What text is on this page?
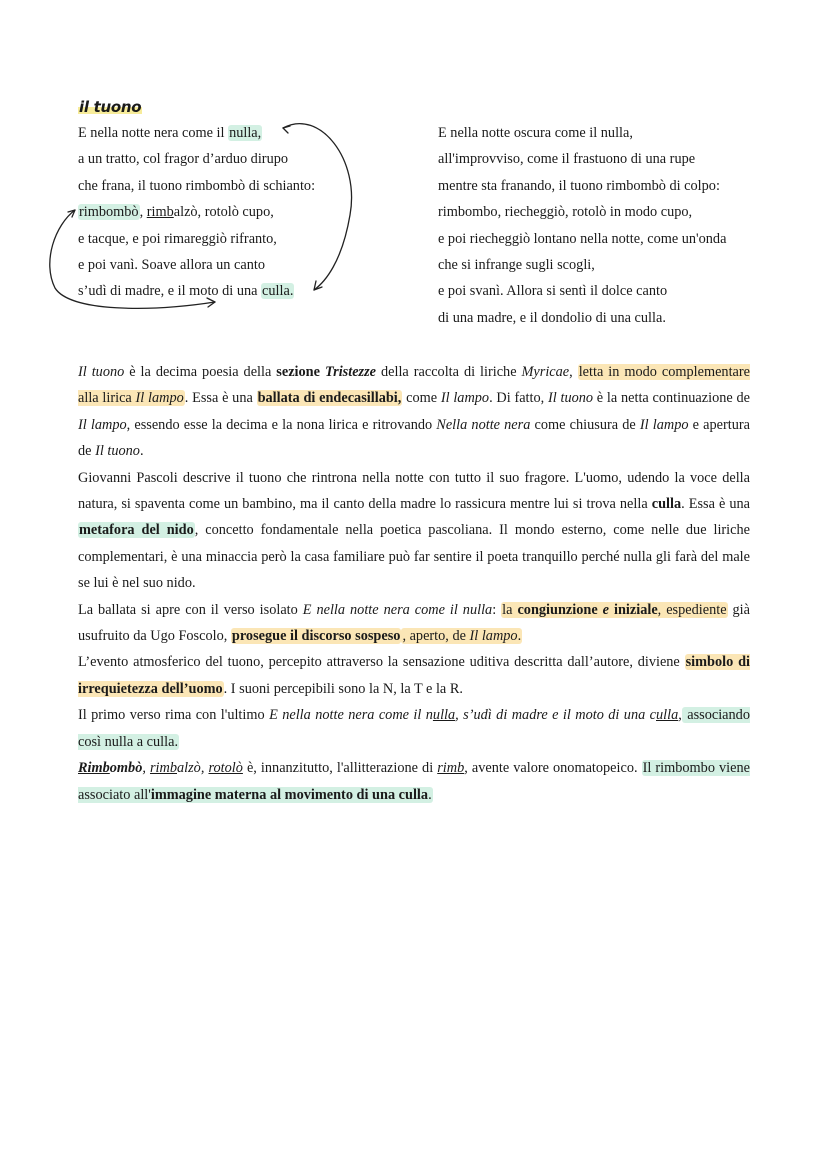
il tuono
E nella notte nera come il nulla,
a un tratto, col fragor d’arduo dirupo
che frana, il tuono rimbombò di schianto:
rimbombò, rimbalzò, rotolò cupo,
e tacque, e poi rimareggiò rifranto,
e poi vanì. Soave allora un canto
s’udì di madre, e il moto di una culla.
E nella notte oscura come il nulla,
all'improvviso, come il frastuono di una rupe
mentre sta franando, il tuono rimbombò di colpo:
rimbombo, riecheggiò, rotolò in modo cupo,
e poi riecheggiò lontano nella notte, come un'onda
che si infrange sugli scogli,
e poi svanì. Allora si sentì il dolce canto
di una madre, e il dondolio di una culla.

Il tuono è la decima poesia della sezione Tristezze della raccolta di liriche Myricae, letta in modo complementare alla lirica Il lampo. Essa è una ballata di endecasillabi, come Il lampo. Di fatto, Il tuono è la netta continuazione de Il lampo, essendo esse la decima e la nona lirica e ritrovando Nella notte nera come chiusura de Il lampo e apertura de Il tuono.

Giovanni Pascoli descrive il tuono che rintrona nella notte con tutto il suo fragore. L'uomo, udendo la voce della natura, si spaventa come un bambino, ma il canto della madre lo rassicura mentre lui si trova nella culla. Essa è una metafora del nido, concetto fondamentale nella poetica pascoliana. Il mondo esterno, come nelle due liriche complementari, è una minaccia però la casa familiare può far sentire il poeta tranquillo perché nulla gli farà del male se lui è nel suo nido.

La ballata si apre con il verso isolato E nella notte nera come il nulla: la congiunzione e iniziale, espediente già usufruito da Ugo Foscolo, prosegue il discorso sospeso , aperto, de Il lampo.

L’evento atmosferico del tuono, percepito attraverso la sensazione uditiva descritta dall’autore, diviene simbolo di irrequietezza dell’uomo. I suoni percepibili sono la N, la T e la R.

Il primo verso rima con l'ultimo E nella notte nera come il nulla, s’udì di madre e il moto di una culla, associando così nulla a culla.

Rimbombò, rimbalzò, rotolò è, innanzitutto, l'allitterazione di rimb, avente valore onomatopeico. Il rimbombo viene associato all'immagine materna al movimento di una culla.
